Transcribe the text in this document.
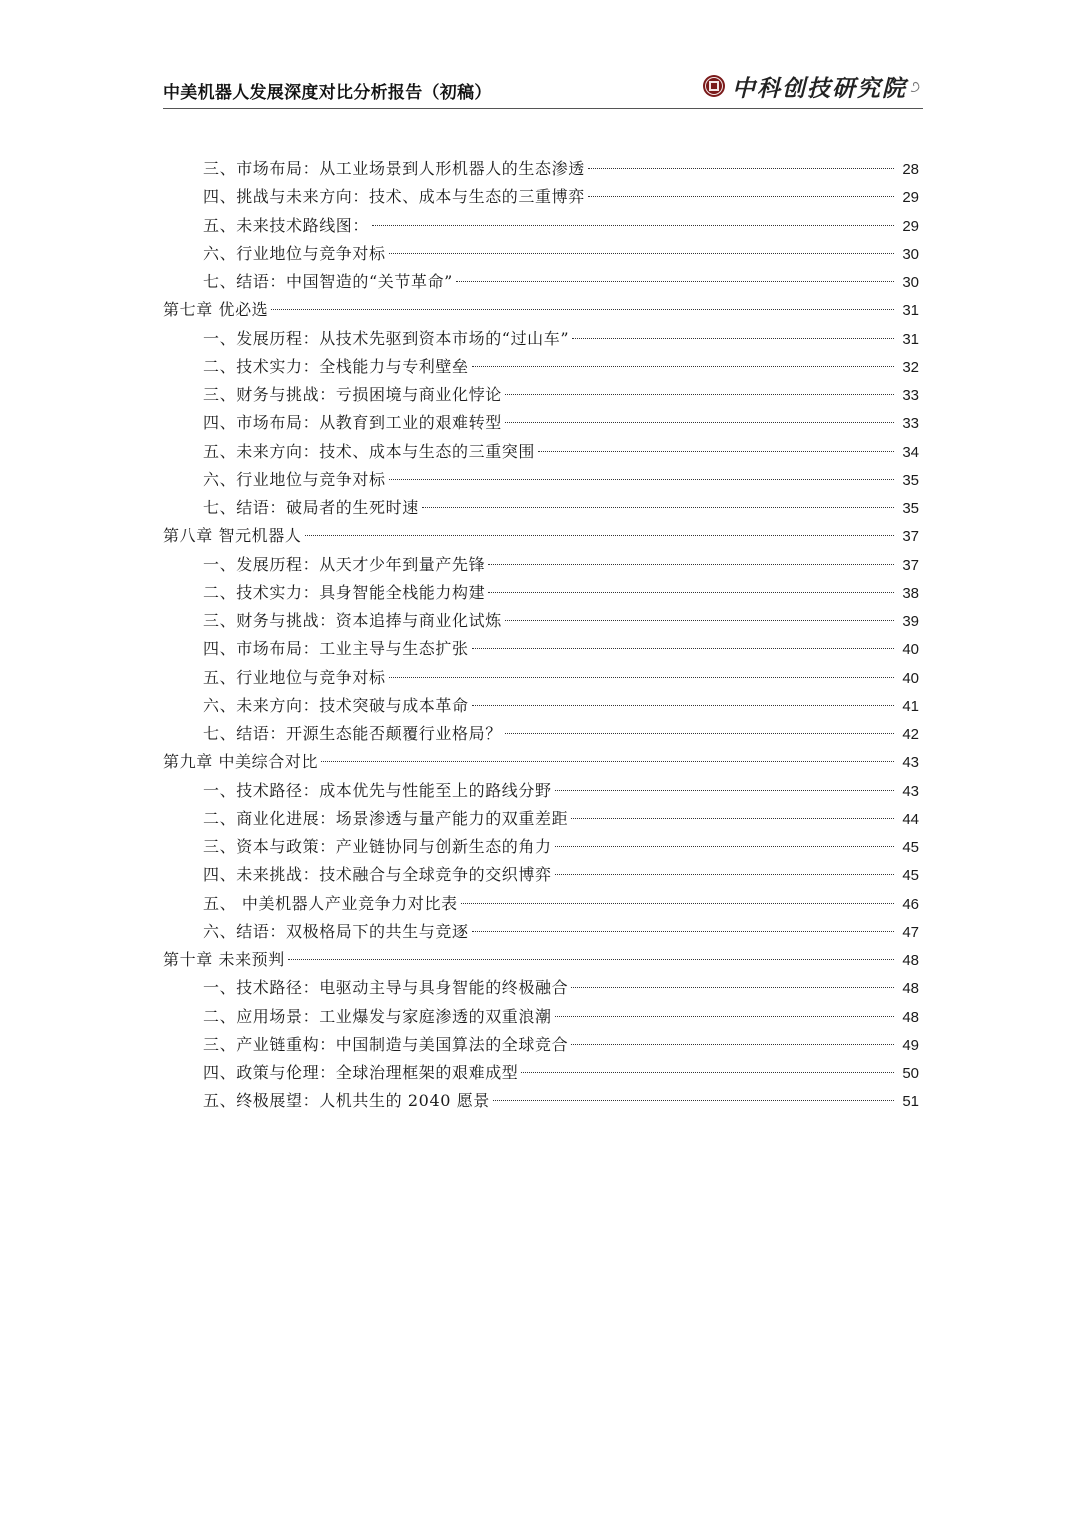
中美机器人发展深度对比分析报告（初稿）	中科创技研究院
三、市场布局：从工业场景到人形机器人的生态渗透	28
四、挑战与未来方向：技术、成本与生态的三重博弈	29
五、未来技术路线图：	29
六、行业地位与竞争对标	30
七、结语：中国智造的“关节革命”	30
第七章 优必选	31
一、发展历程：从技术先驱到资本市场的“过山车”	31
二、技术实力：全栈能力与专利壁垒	32
三、财务与挑战：亏损困境与商业化悖论	33
四、市场布局：从教育到工业的艰难转型	33
五、未来方向：技术、成本与生态的三重突围	34
六、行业地位与竞争对标	35
七、结语：破局者的生死时速	35
第八章 智元机器人	37
一、发展历程：从天才少年到量产先锋	37
二、技术实力：具身智能全栈能力构建	38
三、财务与挑战：资本追捧与商业化试炼	39
四、市场布局：工业主导与生态扩张	40
五、行业地位与竞争对标	40
六、未来方向：技术突破与成本革命	41
七、结语：开源生态能否颠覆行业格局？	42
第九章 中美综合对比	43
一、技术路径：成本优先与性能至上的路线分野	43
二、商业化进展：场景渗透与量产能力的双重差距	44
三、资本与政策：产业链协同与创新生态的角力	45
四、未来挑战：技术融合与全球竞争的交织博弈	45
五、 中美机器人产业竞争力对比表	46
六、结语：双极格局下的共生与竞逐	47
第十章 未来预判	48
一、技术路径：电驱动主导与具身智能的终极融合	48
二、应用场景：工业爆发与家庭渗透的双重浪潮	48
三、产业链重构：中国制造与美国算法的全球竞合	49
四、政策与伦理：全球治理框架的艰难成型	50
五、终极展望：人机共生的 2040 愿景	51
